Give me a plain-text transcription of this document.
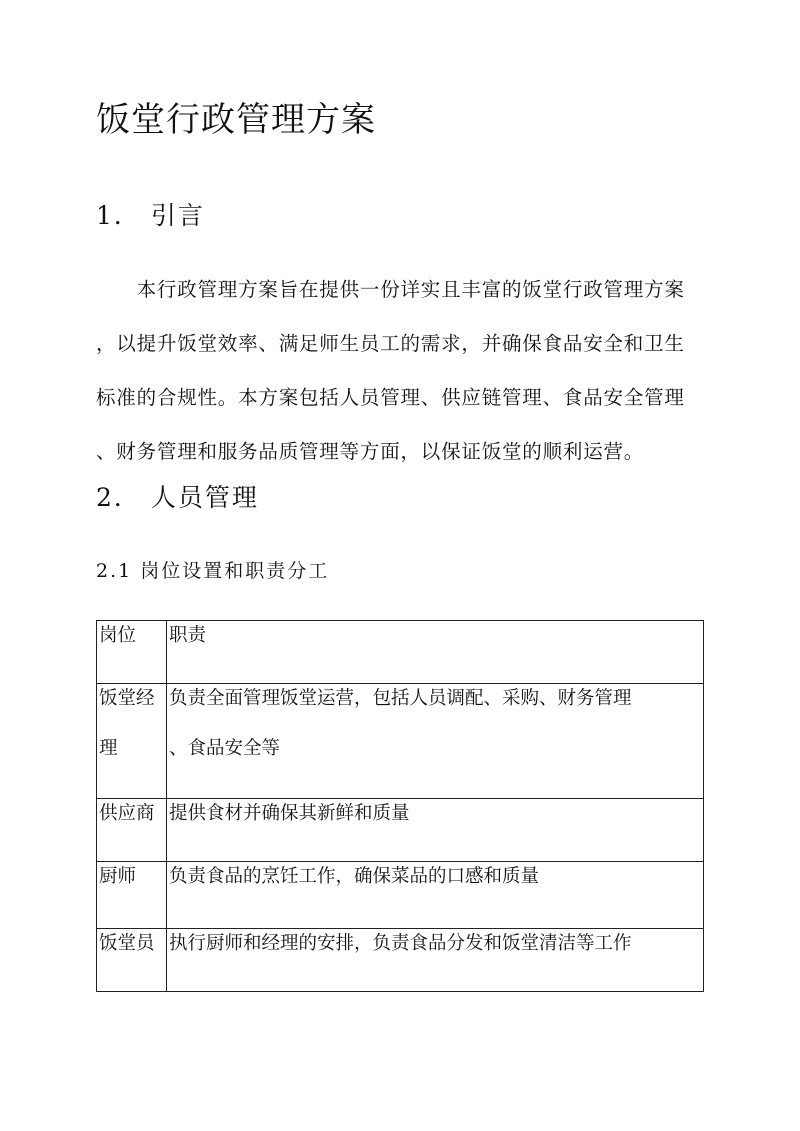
饭堂行政管理方案
1． 引言

　　本行政管理方案旨在提供一份详实且丰富的饭堂行政管理方案
，以提升饭堂效率、满足师生员工的需求，并确保食品安全和卫生
标准的合规性。本方案包括人员管理、供应链管理、食品安全管理
、财务管理和服务品质管理等方面，以保证饭堂的顺利运营。

2． 人员管理
2.1 岗位设置和职责分工
岗位	职责

饭堂经
理	负责全面管理饭堂运营，包括人员调配、采购、财务管理
、食品安全等

供应商	提供食材并确保其新鲜和质量

厨师	负责食品的烹饪工作，确保菜品的口感和质量

饭堂员	执行厨师和经理的安排，负责食品分发和饭堂清洁等工作
